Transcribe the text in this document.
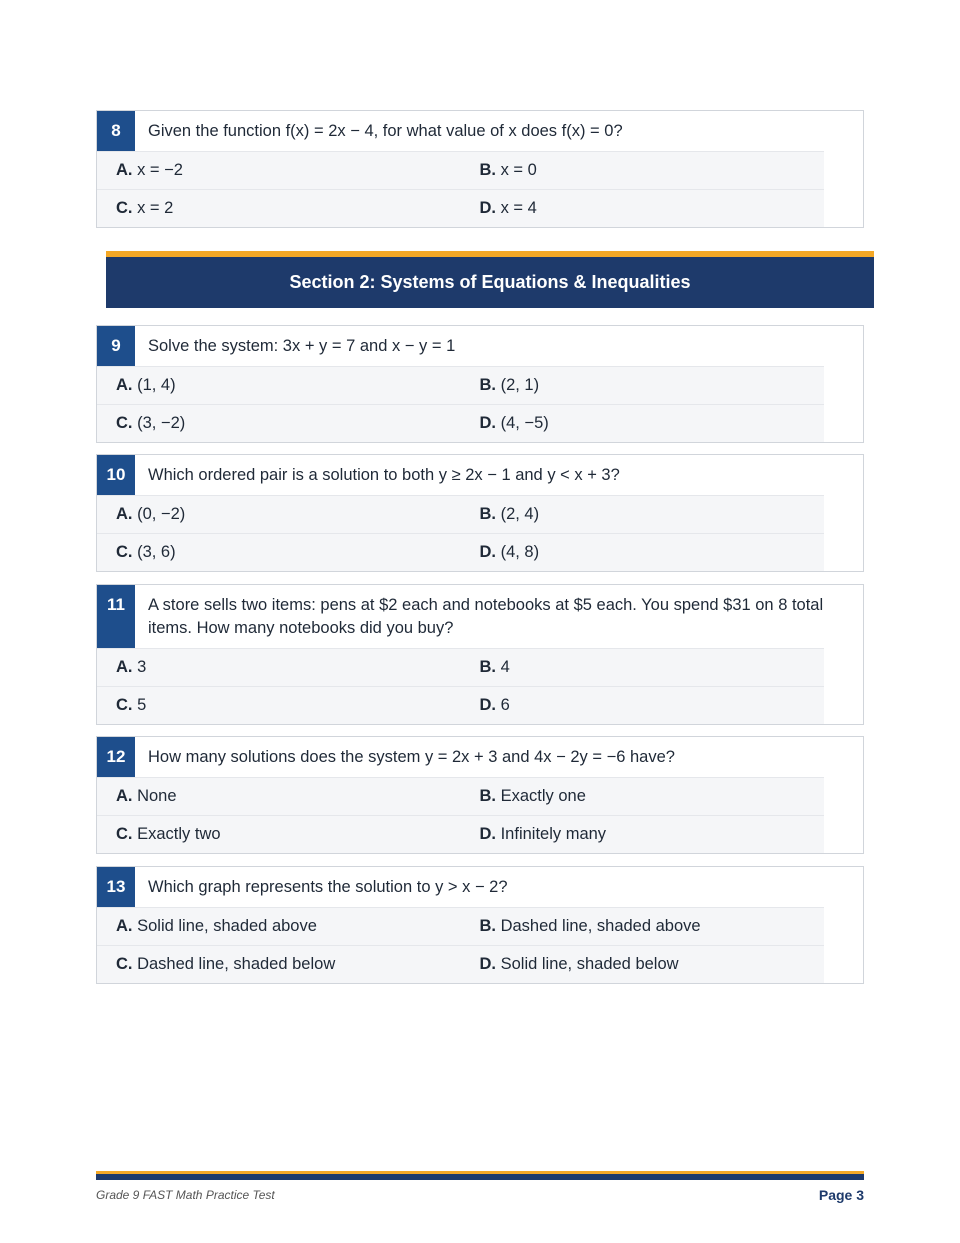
8	Given the function f(x) = 2x − 4, for what value of x does f(x) = 0?
A. x = −2	B. x = 0
C. x = 2	D. x = 4
Section 2: Systems of Equations & Inequalities
9	Solve the system: 3x + y = 7 and x − y = 1
A. (1, 4)	B. (2, 1)
C. (3, −2)	D. (4, −5)
10	Which ordered pair is a solution to both y ≥ 2x − 1 and y < x + 3?
A. (0, −2)	B. (2, 4)
C. (3, 6)	D. (4, 8)
11	A store sells two items: pens at $2 each and notebooks at $5 each. You spend $31 on 8 total items. How many notebooks did you buy?
A. 3	B. 4
C. 5	D. 6
12	How many solutions does the system y = 2x + 3 and 4x − 2y = −6 have?
A. None	B. Exactly one
C. Exactly two	D. Infinitely many
13	Which graph represents the solution to y > x − 2?
A. Solid line, shaded above	B. Dashed line, shaded above
C. Dashed line, shaded below	D. Solid line, shaded below
Grade 9 FAST Math Practice Test	Page 3
